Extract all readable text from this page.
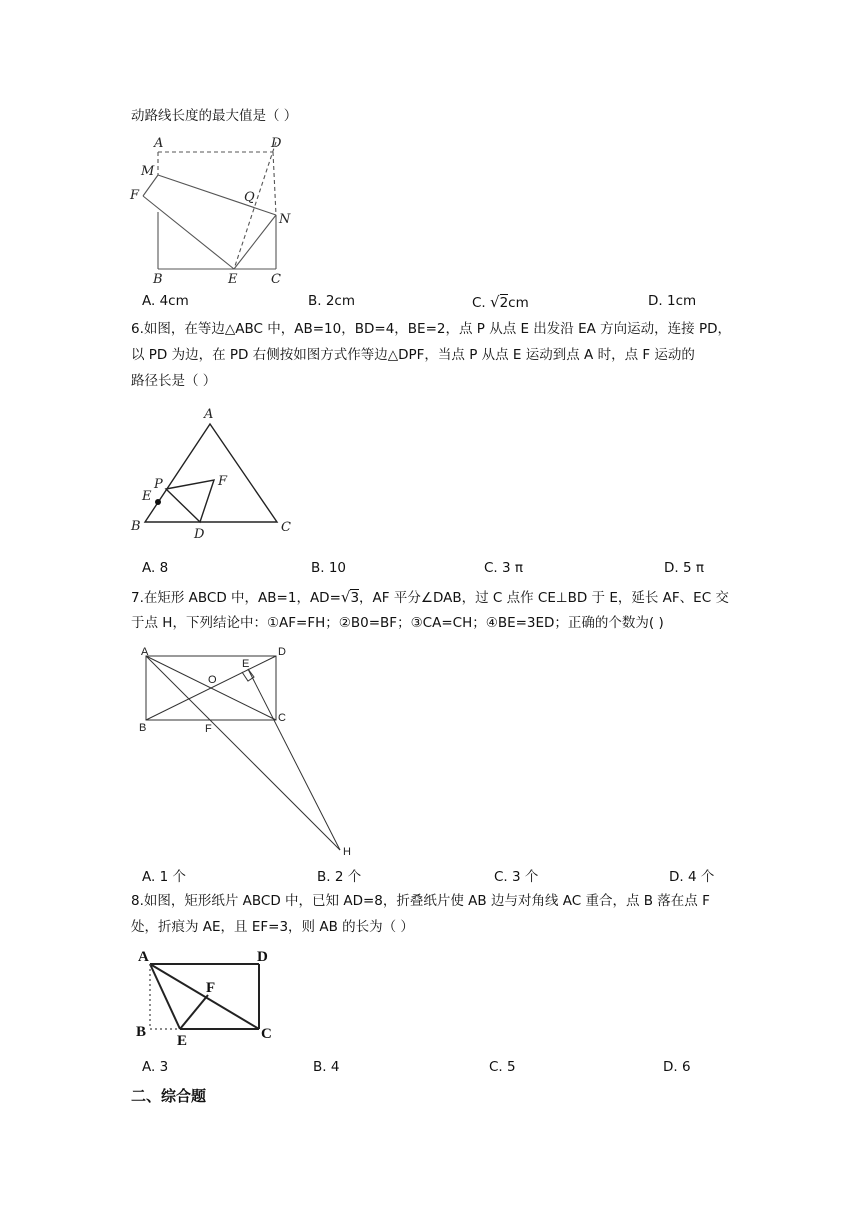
动路线长度的最大值是（ ）
A	D
M
F	Q
N
B	E	C
A. 4cm	B. 2cm	C. √2cm	D. 1cm
6.如图，在等边△ABC 中，AB=10，BD=4，BE=2，点 P 从点 E 出发沿 EA 方向运动，连接 PD，
以 PD 为边，在 PD 右侧按如图方式作等边△DPF，当点 P 从点 E 运动到点 A 时，点 F 运动的
路径长是（ ）
A
P	F
E
B
D	C
A. 8	B. 10	C. 3 π	D. 5 π
7.在矩形 ABCD 中，AB=1，AD=√3，AF 平分∠DAB，过 C 点作 CE⊥BD 于 E，延长 AF、EC 交
于点 H，下列结论中：①AF=FH；②B0=BF；③CA=CH；④BE=3ED；正确的个数为( )
A	D
E
O
B	F
C
H
A. 1 个	B. 2 个	C. 3 个	D. 4 个
8.如图，矩形纸片 ABCD 中，已知 AD=8，折叠纸片使 AB 边与对角线 AC 重合，点 B 落在点 F
处，折痕为 AE，且 EF=3，则 AB 的长为（ ）
A	D
F
B
E	C
A. 3	B. 4	C. 5	D. 6
二、综合题
